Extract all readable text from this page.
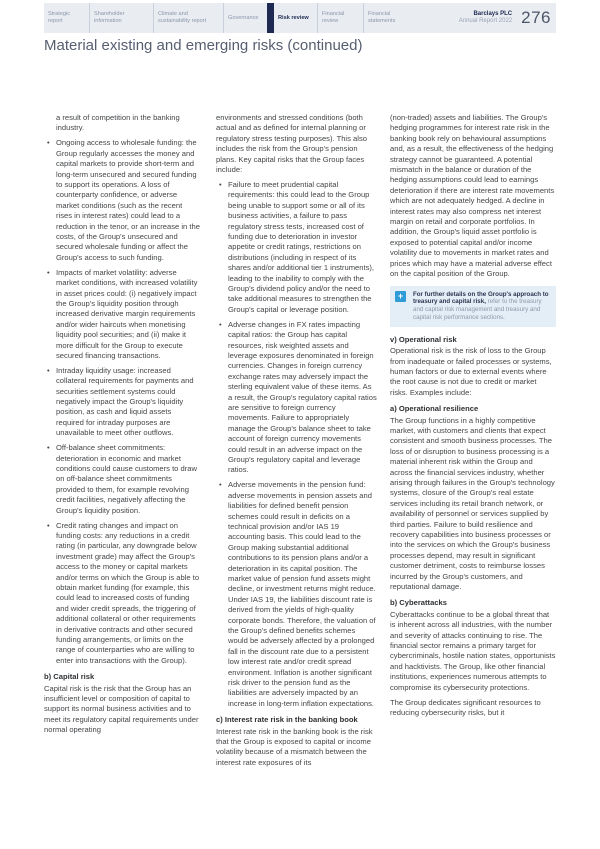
Strategic report
Shareholder information
Climate and sustainability report
Governance	Risk review
Financial review
Financial statements
Barclays PLC
Annual Report 2022 276
Material existing and emerging risks (continued)
a result of competition in the banking industry.
• Ongoing access to wholesale funding: the Group regularly accesses the money and capital markets to provide short-term and long-term unsecured and secured funding to support its operations. A loss of counterparty confidence, or adverse market conditions (such as the recent rises in interest rates) could lead to a reduction in the tenor, or an increase in the costs, of the Group's unsecured and secured wholesale funding or affect the Group's access to such funding.
• Impacts of market volatility: adverse market conditions, with increased volatility in asset prices could: (i) negatively impact the Group's liquidity position through increased derivative margin requirements and/or wider haircuts when monetising liquidity pool securities; and (ii) make it more difficult for the Group to execute secured financing transactions.
• Intraday liquidity usage: increased collateral requirements for payments and securities settlement systems could negatively impact the Group's liquidity position, as cash and liquid assets required for intraday purposes are unavailable to meet other outflows.
• Off-balance sheet commitments: deterioration in economic and market conditions could cause customers to draw on off-balance sheet commitments provided to them, for example revolving credit facilities, negatively affecting the Group's liquidity position.
• Credit rating changes and impact on funding costs: any reductions in a credit rating (in particular, any downgrade below investment grade) may affect the Group's access to the money or capital markets and/or terms on which the Group is able to obtain market funding (for example, this could lead to increased costs of funding and wider credit spreads, the triggering of additional collateral or other requirements in derivative contracts and other secured funding arrangements, or limits on the range of counterparties who are willing to enter into transactions with the Group).
b) Capital risk
Capital risk is the risk that the Group has an insufficient level or composition of capital to support its normal business activities and to meet its regulatory capital requirements under normal operating
environments and stressed conditions (both actual and as defined for internal planning or regulatory stress testing purposes). This also includes the risk from the Group's pension plans. Key capital risks that the Group faces include:
• Failure to meet prudential capital requirements: this could lead to the Group being unable to support some or all of its business activities, a failure to pass regulatory stress tests, increased cost of funding due to deterioration in investor appetite or credit ratings, restrictions on distributions (including in respect of its shares and/or additional tier 1 instruments), leading to the inability to comply with the Group's dividend policy and/or the need to take additional measures to strengthen the Group's capital or leverage position.
• Adverse changes in FX rates impacting capital ratios: the Group has capital resources, risk weighted assets and leverage exposures denominated in foreign currencies. Changes in foreign currency exchange rates may adversely impact the sterling equivalent value of these items. As a result, the Group's regulatory capital ratios are sensitive to foreign currency movements. Failure to appropriately manage the Group's balance sheet to take account of foreign currency movements could result in an adverse impact on the Group's regulatory capital and leverage ratios.
• Adverse movements in the pension fund: adverse movements in pension assets and liabilities for defined benefit pension schemes could result in deficits on a technical provision and/or IAS 19 accounting basis. This could lead to the Group making substantial additional contributions to its pension plans and/or a deterioration in its capital position. The market value of pension fund assets might decline, or investment returns might reduce. Under IAS 19, the liabilities discount rate is derived from the yields of high-quality corporate bonds. Therefore, the valuation of the Group's defined benefits schemes would be adversely affected by a prolonged fall in the discount rate due to a persistent low interest rate and/or credit spread environment. Inflation is another significant risk driver to the pension fund as the liabilities are adversely impacted by an increase in long-term inflation expectations.
c) Interest rate risk in the banking book
Interest rate risk in the banking book is the risk that the Group is exposed to capital or income volatility because of a mismatch between the interest rate exposures of its
(non-traded) assets and liabilities. The Group's hedging programmes for interest rate risk in the banking book rely on behavioural assumptions and, as a result, the effectiveness of the hedging strategy cannot be guaranteed. A potential mismatch in the balance or duration of the hedging assumptions could lead to earnings deterioration if there are interest rate movements which are not adequately hedged. A decline in interest rates may also compress net interest margin on retail and corporate portfolios. In addition, the Group's liquid asset portfolio is exposed to potential capital and/or income volatility due to movements in market rates and prices which may have a material adverse effect on the capital position of the Group.
+	For further details on the Group's approach to treasury and capital risk, refer to the treasury and capital risk management and treasury and capital risk performance sections.
v) Operational risk
Operational risk is the risk of loss to the Group from inadequate or failed processes or systems, human factors or due to external events where the root cause is not due to credit or market risks. Examples include:
a) Operational resilience
The Group functions in a highly competitive market, with customers and clients that expect consistent and smooth business processes. The loss of or disruption to business processing is a material inherent risk within the Group and across the financial services industry, whether arising through failures in the Group's technology systems, closure of the Group's real estate services including its retail branch network, or availability of personnel or services supplied by third parties. Failure to build resilience and recovery capabilities into business processes or into the services on which the Group's business processes depend, may result in significant customer detriment, costs to reimburse losses incurred by the Group's customers, and reputational damage.
b) Cyberattacks
Cyberattacks continue to be a global threat that is inherent across all industries, with the number and severity of attacks continuing to rise. The financial sector remains a primary target for cybercriminals, hostile nation states, opportunists and hacktivists. The Group, like other financial institutions, experiences numerous attempts to compromise its cybersecurity protections.
The Group dedicates significant resources to reducing cybersecurity risks, but it
